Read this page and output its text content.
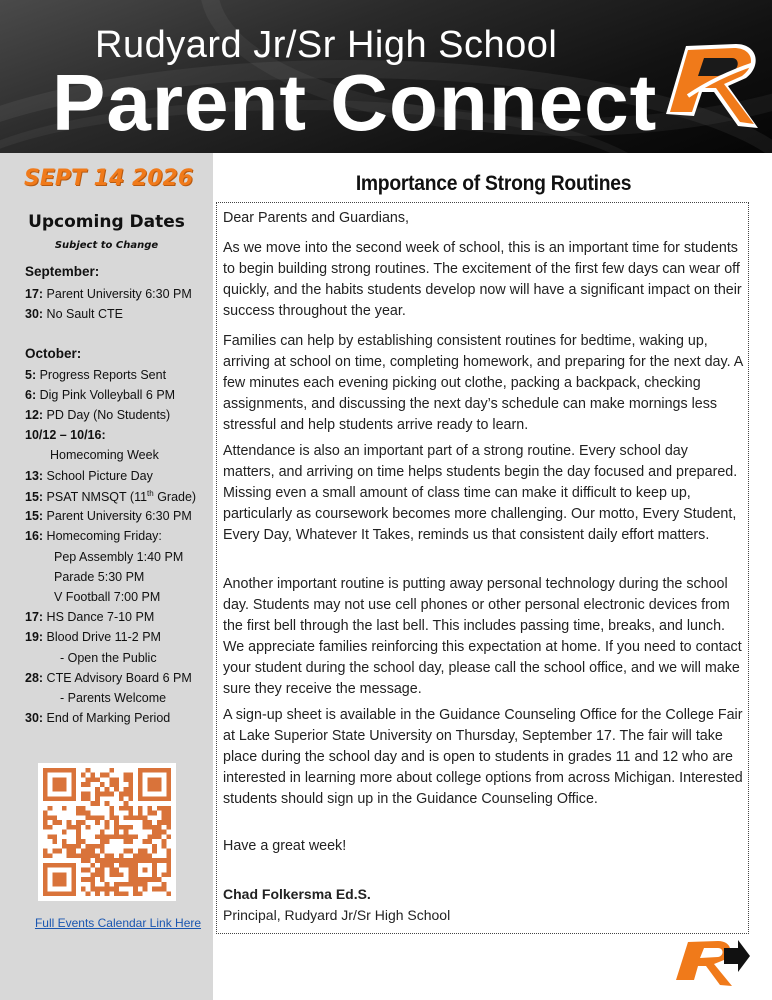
Rudyard Jr/Sr High School
Parent Connect
SEPT 14 2026
Upcoming Dates
Subject to Change
September:
17: Parent University 6:30 PM
30: No Sault CTE
October:
5: Progress Reports Sent
6: Dig Pink Volleyball 6 PM
12: PD Day (No Students)
10/12 – 10/16:
Homecoming Week
13: School Picture Day
15: PSAT NMSQT (11th Grade)
15: Parent University 6:30 PM
16: Homecoming Friday:
Pep Assembly 1:40 PM
Parade 5:30 PM
V Football 7:00 PM
17: HS Dance 7-10 PM
19: Blood Drive 11-2 PM
- Open the Public
28: CTE Advisory Board 6 PM
- Parents Welcome
30: End of Marking Period
Full Events Calendar Link Here
Importance of Strong Routines
Dear Parents and Guardians,
As we move into the second week of school, this is an important time for students to begin building strong routines. The excitement of the first few days can wear off quickly, and the habits students develop now will have a significant impact on their success throughout the year.
Families can help by establishing consistent routines for bedtime, waking up, arriving at school on time, completing homework, and preparing for the next day. A few minutes each evening picking out clothe, packing a backpack, checking assignments, and discussing the next day’s schedule can make mornings less stressful and help students arrive ready to learn.
Attendance is also an important part of a strong routine. Every school day matters, and arriving on time helps students begin the day focused and prepared. Missing even a small amount of class time can make it difficult to keep up, particularly as coursework becomes more challenging. Our motto, Every Student, Every Day, Whatever It Takes, reminds us that consistent daily effort matters.
Another important routine is putting away personal technology during the school day. Students may not use cell phones or other personal electronic devices from the first bell through the last bell. This includes passing time, breaks, and lunch. We appreciate families reinforcing this expectation at home. If you need to contact your student during the school day, please call the school office, and we will make sure they receive the message.
A sign-up sheet is available in the Guidance Counseling Office for the College Fair at Lake Superior State University on Thursday, September 17. The fair will take place during the school day and is open to students in grades 11 and 12 who are interested in learning more about college options from across Michigan. Interested students should sign up in the Guidance Counseling Office.
Have a great week!
Chad Folkersma Ed.S.
Principal, Rudyard Jr/Sr High School
